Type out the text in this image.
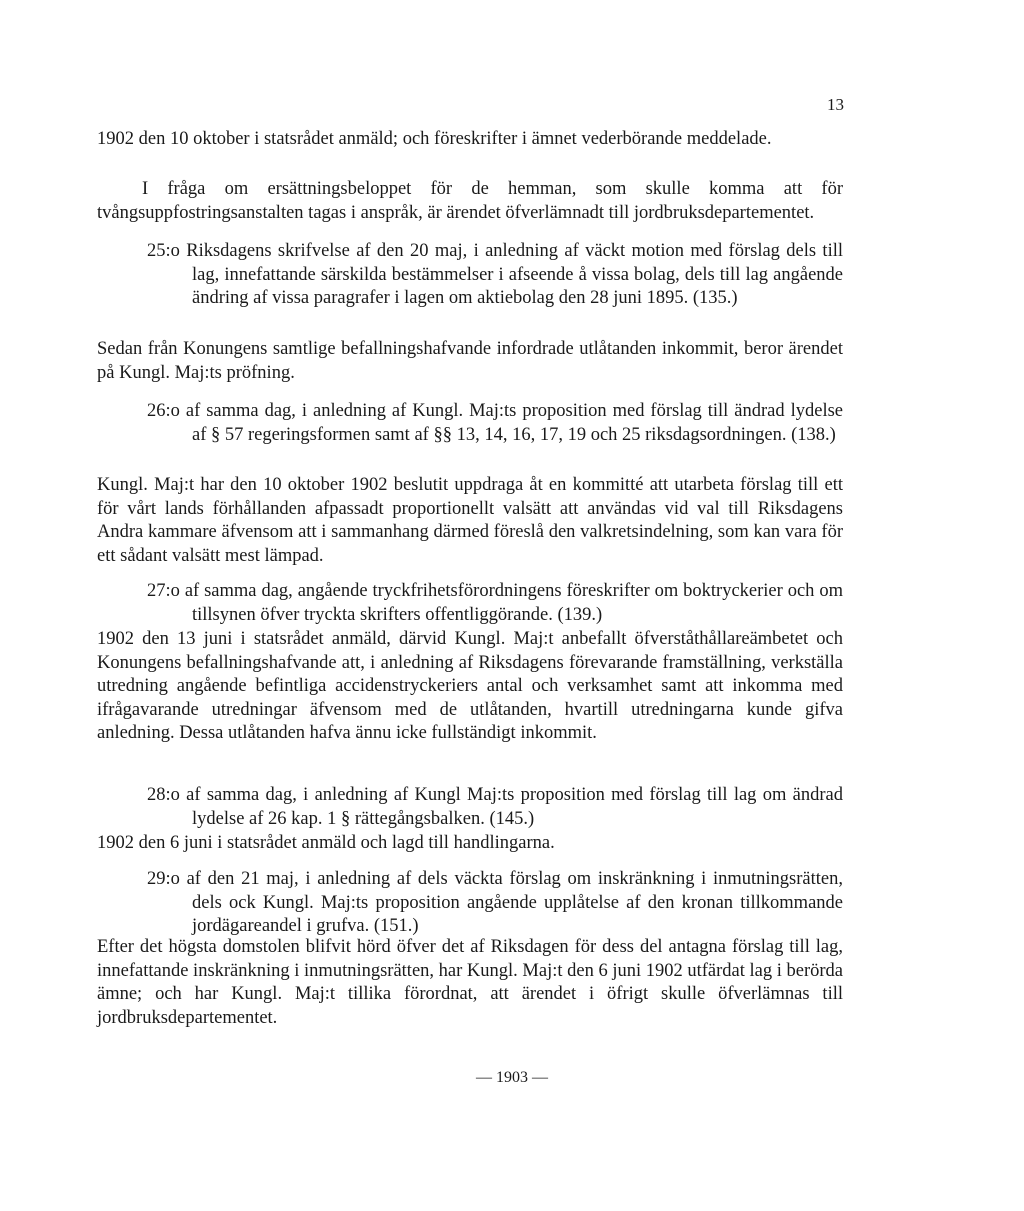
13

1902 den 10 oktober i statsrådet anmäld; och föreskrifter i ämnet vederbörande meddelade.

I fråga om ersättningsbeloppet för de hemman, som skulle komma att för tvångsuppfostringsanstalten tagas i anspråk, är ärendet öfverlämnadt till jordbruksdepartementet.

25:o Riksdagens skrifvelse af den 20 maj, i anledning af väckt motion med förslag dels till lag, innefattande särskilda bestämmelser i afseende å vissa bolag, dels till lag angående ändring af vissa paragrafer i lagen om aktiebolag den 28 juni 1895. (135.)

Sedan från Konungens samtlige befallningshafvande infordrade utlåtanden inkommit, beror ärendet på Kungl. Maj:ts pröfning.

26:o af samma dag, i anledning af Kungl. Maj:ts proposition med förslag till ändrad lydelse af § 57 regeringsformen samt af §§ 13, 14, 16, 17, 19 och 25 riksdagsordningen. (138.)

Kungl. Maj:t har den 10 oktober 1902 beslutit uppdraga åt en kommitté att utarbeta förslag till ett för vårt lands förhållanden afpassadt proportionellt valsätt att användas vid val till Riksdagens Andra kammare äfvensom att i sammanhang därmed föreslå den valkretsindelning, som kan vara för ett sådant valsätt mest lämpad.

27:o af samma dag, angående tryckfrihetsförordningens föreskrifter om boktryckerier och om tillsynen öfver tryckta skrifters offentliggörande. (139.)

1902 den 13 juni i statsrådet anmäld, därvid Kungl. Maj:t anbefallt öfverståthållareämbetet och Konungens befallningshafvande att, i anledning af Riksdagens förevarande framställning, verkställa utredning angående befintliga accidenstryckeriers antal och verksamhet samt att inkomma med ifrågavarande utredningar äfvensom med de utlåtanden, hvartill utredningarna kunde gifva anledning. Dessa utlåtanden hafva ännu icke fullständigt inkommit.

28:o af samma dag, i anledning af Kungl Maj:ts proposition med förslag till lag om ändrad lydelse af 26 kap. 1 § rättegångsbalken. (145.)

1902 den 6 juni i statsrådet anmäld och lagd till handlingarna.

29:o af den 21 maj, i anledning af dels väckta förslag om inskränkning i inmutningsrätten, dels ock Kungl. Maj:ts proposition angående upplåtelse af den kronan tillkommande jordägareandel i grufva. (151.)

Efter det högsta domstolen blifvit hörd öfver det af Riksdagen för dess del antagna förslag till lag, innefattande inskränkning i inmutningsrätten, har Kungl. Maj:t den 6 juni 1902 utfärdat lag i berörda ämne; och har Kungl. Maj:t tillika förordnat, att ärendet i öfrigt skulle öfverlämnas till jordbruksdepartementet.

— 1903 —
